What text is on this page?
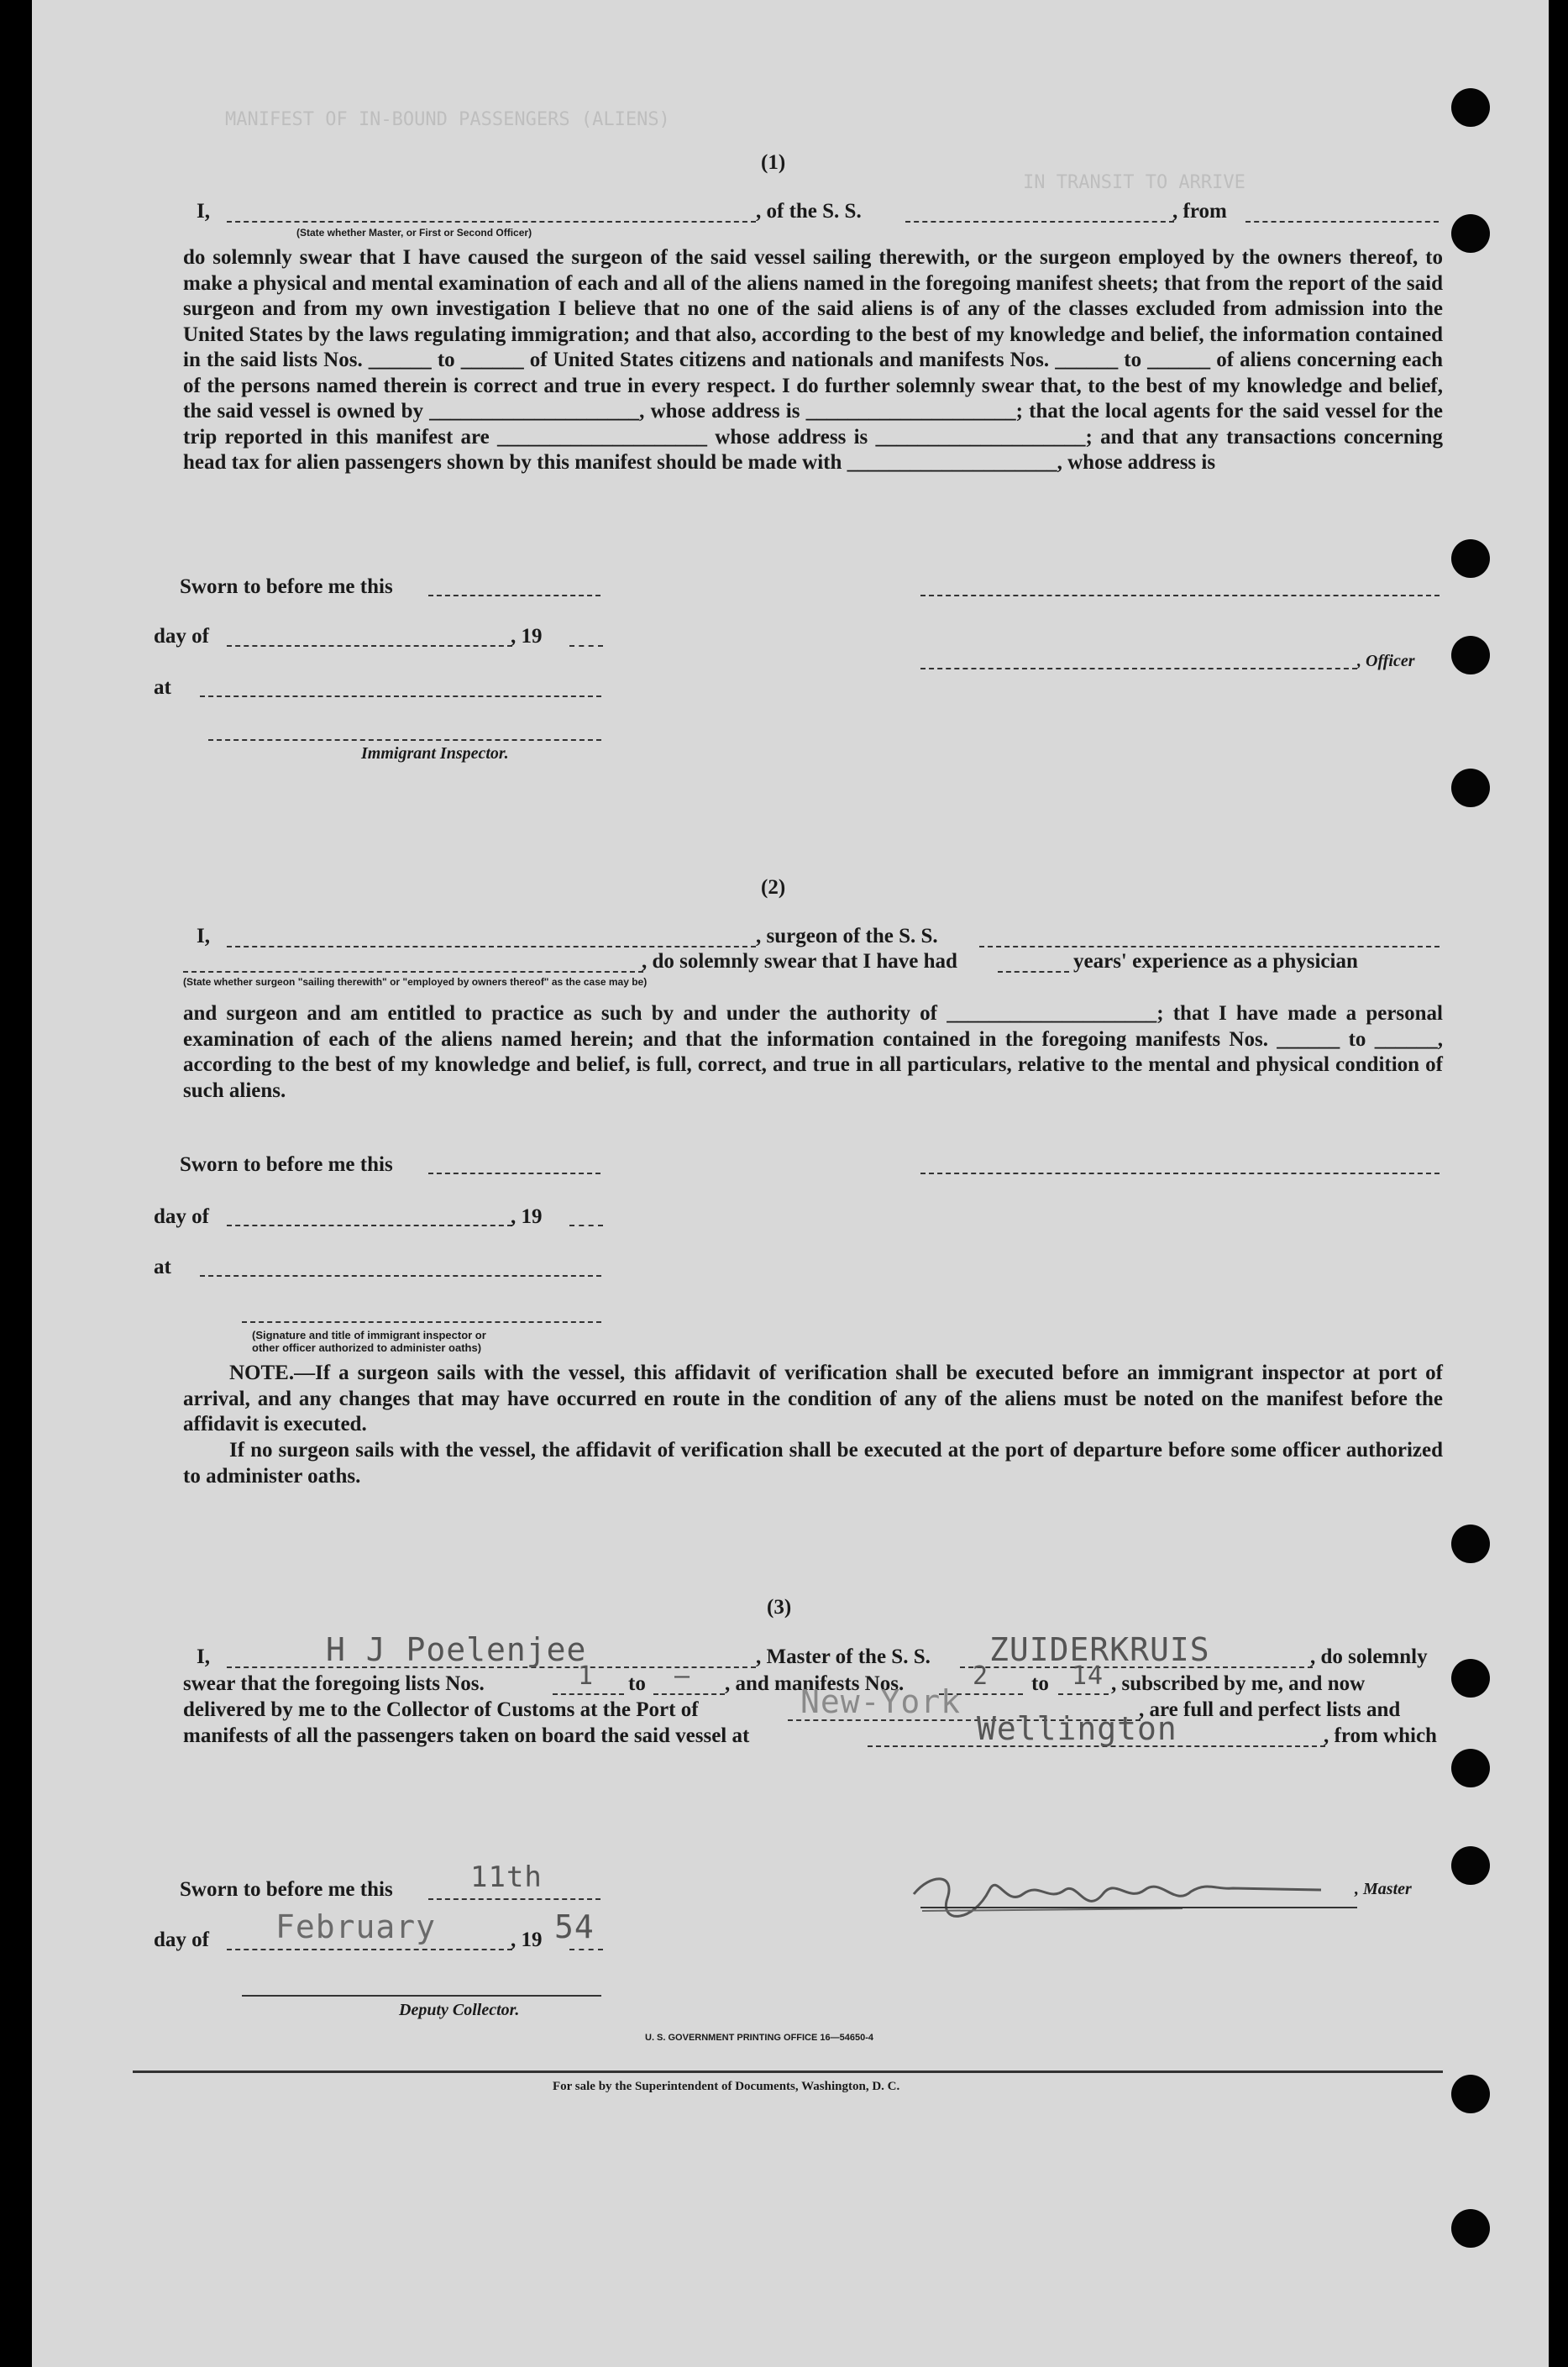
MANIFEST OF IN-BOUND PASSENGERS (ALIENS)
IN TRANSIT TO ARRIVE
(1)
I,	, of the S. S.	, from
(State whether Master, or First or Second Officer)
do solemnly swear that I have caused the surgeon of the said vessel sailing therewith, or the surgeon employed by the owners thereof, to make a physical and mental examination of each and all of the aliens named in the foregoing manifest sheets; that from the report of the said surgeon and from my own investigation I believe that no one of the said aliens is of any of the classes excluded from admission into the United States by the laws regulating immigration; and that also, according to the best of my knowledge and belief, the information contained in the said lists Nos. ______ to ______ of United States citizens and nationals and manifests Nos. ______ to ______ of aliens concerning each of the persons named therein is correct and true in every respect. I do further solemnly swear that, to the best of my knowledge and belief, the said vessel is owned by ____________________, whose address is ____________________; that the local agents for the said vessel for the trip reported in this manifest are ____________________ whose address is ____________________; and that any transactions concerning head tax for alien passengers shown by this manifest should be made with ____________________, whose address is
Sworn to before me this
day of	, 19
, Officer
at
Immigrant Inspector.
(2)
I,	, surgeon of the S. S.
, do solemnly swear that I have had	years' experience as a physician
(State whether surgeon "sailing therewith" or "employed by owners thereof" as the case may be)
and surgeon and am entitled to practice as such by and under the authority of ____________________; that I have made a personal examination of each of the aliens named herein; and that the information contained in the foregoing manifests Nos. ______ to ______, according to the best of my knowledge and belief, is full, correct, and true in all particulars, relative to the mental and physical condition of such aliens.
Sworn to before me this
day of	, 19
at
(Signature and title of immigrant inspector or
other officer authorized to administer oaths)

NOTE.—If a surgeon sails with the vessel, this affidavit of verification shall be executed before an immigrant inspector at port of arrival, and any changes that may have occurred en route in the condition of any of the aliens must be noted on the manifest before the affidavit is executed.

If no surgeon sails with the vessel, the affidavit of verification shall be executed at the port of departure before some officer authorized to administer oaths.

(3)
I,	H J Poelenjee	, Master of the S. S. ZUIDERKRUIS	, do solemnly
swear that the foregoing lists Nos.	1 to – , and manifests Nos.	2 to 14 , subscribed by me, and now
delivered by me to the Collector of Customs at the Port of	New-York	, are full and perfect lists and
manifests of all the passengers taken on board the said vessel at	Wellington	, from which
Sworn to before me this	11th
day of February	, 19 54
, Master
Deputy Collector.
U. S. GOVERNMENT PRINTING OFFICE 16—54650-4
For sale by the Superintendent of Documents, Washington, D. C.
